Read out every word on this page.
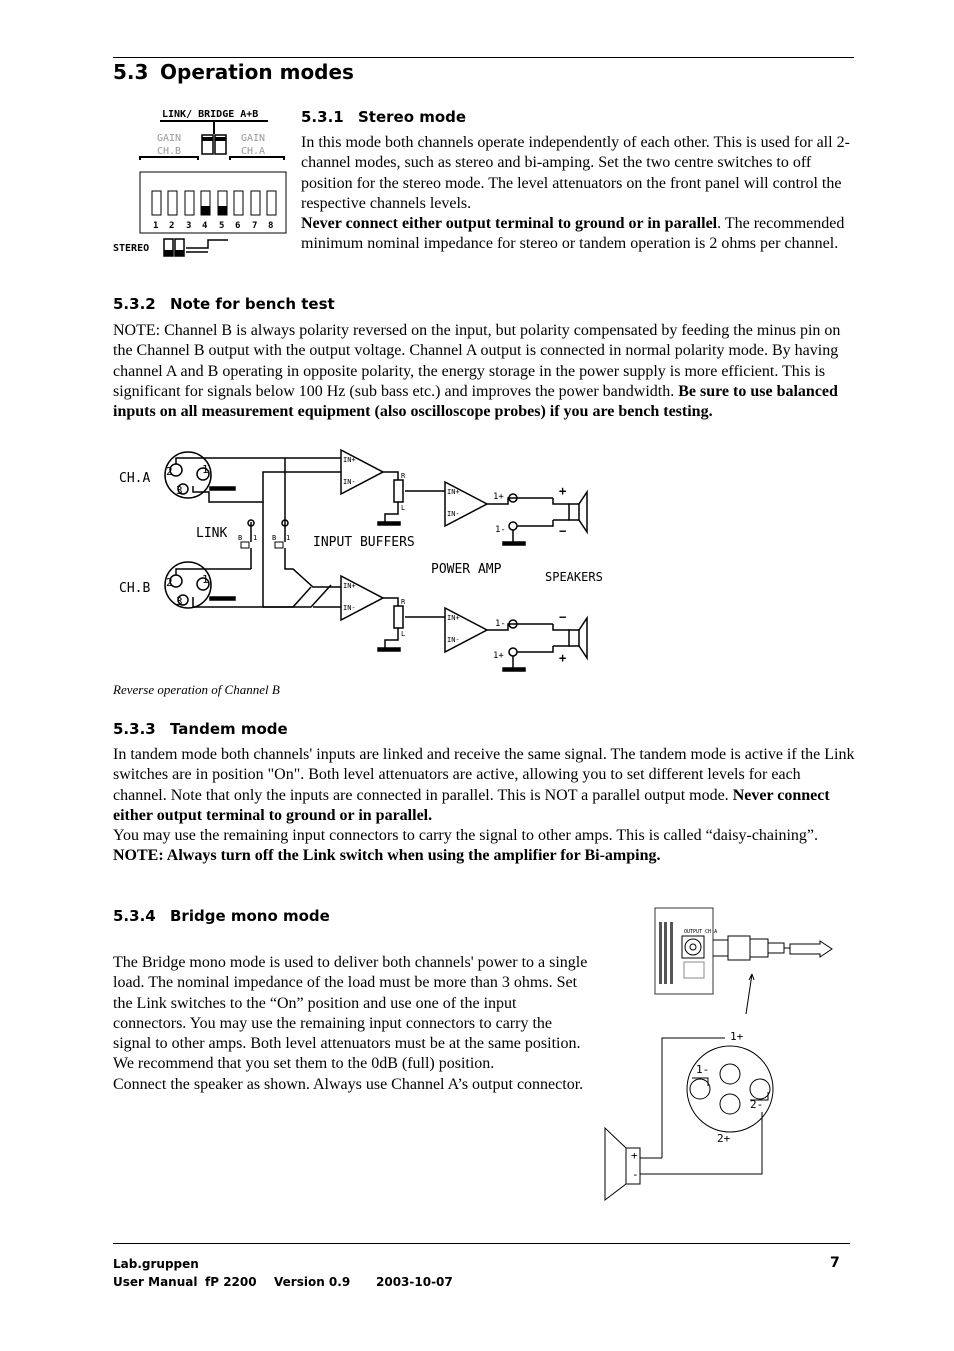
5.3 Operation modes
LINK/ BRIDGE A+B
GAIN
CH.B
GAIN
CH.A
1 2 3 4 5 6 7 8
STEREO
5.3.1 Stereo mode

In this mode both channels operate independently of each other. This is used for all 2-channel modes, such as stereo and bi-amping. Set the two centre switches to off position for the stereo mode. The level attenuators on the front panel will control the respective channels levels.
Never connect either output terminal to ground or in parallel. The recommended minimum nominal impedance for stereo or tandem operation is 2 ohms per channel.

5.3.2 Note for bench test

NOTE: Channel B is always polarity reversed on the input, but polarity compensated by feeding the minus pin on the Channel B output with the output voltage. Channel A output is connected in normal polarity mode. By having channel A and B operating in opposite polarity, the energy storage in the power supply is more efficient. This is significant for signals below 100 Hz (sub bass etc.) and improves the power bandwidth. Be sure to use balanced inputs on all measurement equipment (also oscilloscope probes) if you are bench testing.

CH.A 2	1
3
LINK B 1 B 1 INPUT BUFFERS
POWER AMP	SPEAKERS
IN+
IN-
R
L
IN+
IN-
1+
1-
+
−
CH.B 2	1
3
IN+
IN-
R
L
IN+
IN-
1-
1+
−
+
Reverse operation of Channel B
5.3.3 Tandem mode

In tandem mode both channels' inputs are linked and receive the same signal. The tandem mode is active if the Link switches are in position "On". Both level attenuators are active, allowing you to set different levels for each channel. Note that only the inputs are connected in parallel. This is NOT a parallel output mode. Never connect either output terminal to ground or in parallel.
You may use the remaining input connectors to carry the signal to other amps. This is called “daisy-chaining”.
NOTE: Always turn off the Link switch when using the amplifier for Bi-amping.

5.3.4 Bridge mono mode

The Bridge mono mode is used to deliver both channels' power to a single load. The nominal impedance of the load must be more than 3 ohms. Set the Link switches to the “On” position and use one of the input connectors. You may use the remaining input connectors to carry the signal to other amps. Both level attenuators must be at the same position. We recommend that you set them to the 0dB (full) position.
Connect the speaker as shown. Always use Channel A’s output connector.

OUTPUT CH A
1+
1-
2-
2+
+
-
Lab.gruppen	7
User Manual fP 2200 Version 0.9 2003-10-07
